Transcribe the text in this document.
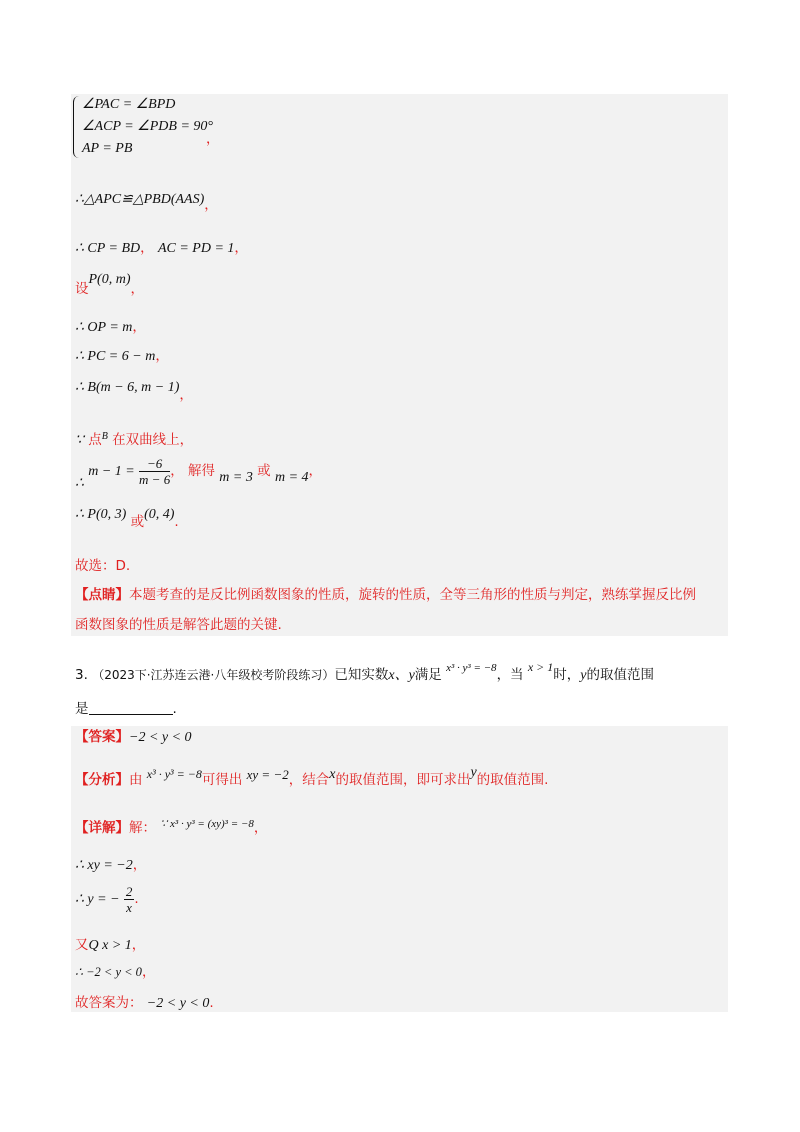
∠PAC = ∠BPD
∠ACP = ∠PDB = 90°
AP = PB
，
∴△APC≌△PBD(AAS)，
∴ CP = BD， AC = PD = 1，
设P(0, m)，
∴ OP = m，
∴ PC = 6 − m，
∴ B(m − 6, m − 1)，
∵ 点$^B$ 在双曲线上，
∴ $m - 1 = \frac{-6}{m - 6}$ ， 解得 m = 3 或 m = 4，
∴ P(0, 3) 或(0, 4).
故选：D.
【点睛】本题考查的是反比例函数图象的性质，旋转的性质，全等三角形的性质与判定，熟练掌握反比例
函数图象的性质是解答此题的关键.
3. （2023下·江苏连云港·八年级校考阶段练习）已知实数x、y满足 $^{x^3 \cdot y^3 = -8}$，当 x > 1时，y的取值范围
是	.
【答案】−2 < y < 0
【分析】由 x³ · y³ = −8可得出 xy = −2，结合x的取值范围，即可求出y的取值范围.
【详解】解： $^{\because x^3 \cdot y^3 = (xy)^3 = -8}$，
∴ xy = −2，
∴ y = − $\frac{2}{x}$ .
又Q x > 1，
∴ −2 < y < 0，
故答案为： −2 < y < 0.
